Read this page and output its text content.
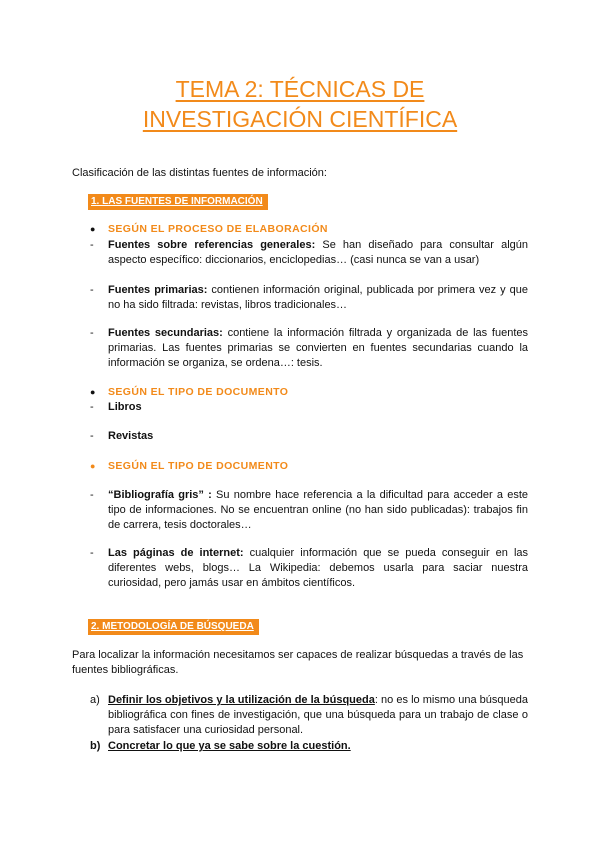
TEMA 2: TÉCNICAS DE
INVESTIGACIÓN CIENTÍFICA
Clasificación de las distintas fuentes de información:
1. LAS FUENTES DE INFORMACIÓN
● SEGÚN EL PROCESO DE ELABORACIÓN
- Fuentes sobre referencias generales: Se han diseñado para consultar algún aspecto específico: diccionarios, enciclopedias… (casi nunca se van a usar)
- Fuentes primarias: contienen información original, publicada por primera vez y que no ha sido filtrada: revistas, libros tradicionales…
- Fuentes secundarias: contiene la información filtrada y organizada de las fuentes primarias. Las fuentes primarias se convierten en fuentes secundarias cuando la información se organiza, se ordena…: tesis.
● SEGÚN EL TIPO DE DOCUMENTO
- Libros
- Revistas
● SEGÚN EL TIPO DE DOCUMENTO
- “Bibliografía gris” : Su nombre hace referencia a la dificultad para acceder a este tipo de informaciones. No se encuentran online (no han sido publicadas): trabajos fin de carrera, tesis doctorales…
- Las páginas de internet: cualquier información que se pueda conseguir en las diferentes webs, blogs… La Wikipedia: debemos usarla para saciar nuestra curiosidad, pero jamás usar en ámbitos científicos.
2. METODOLOGÍA DE BÚSQUEDA
Para localizar la información necesitamos ser capaces de realizar búsquedas a través de las fuentes bibliográficas.
a) Definir los objetivos y la utilización de la búsqueda: no es lo mismo una búsqueda bibliográfica con fines de investigación, que una búsqueda para un trabajo de clase o para satisfacer una curiosidad personal.
b) Concretar lo que ya se sabe sobre la cuestión.
